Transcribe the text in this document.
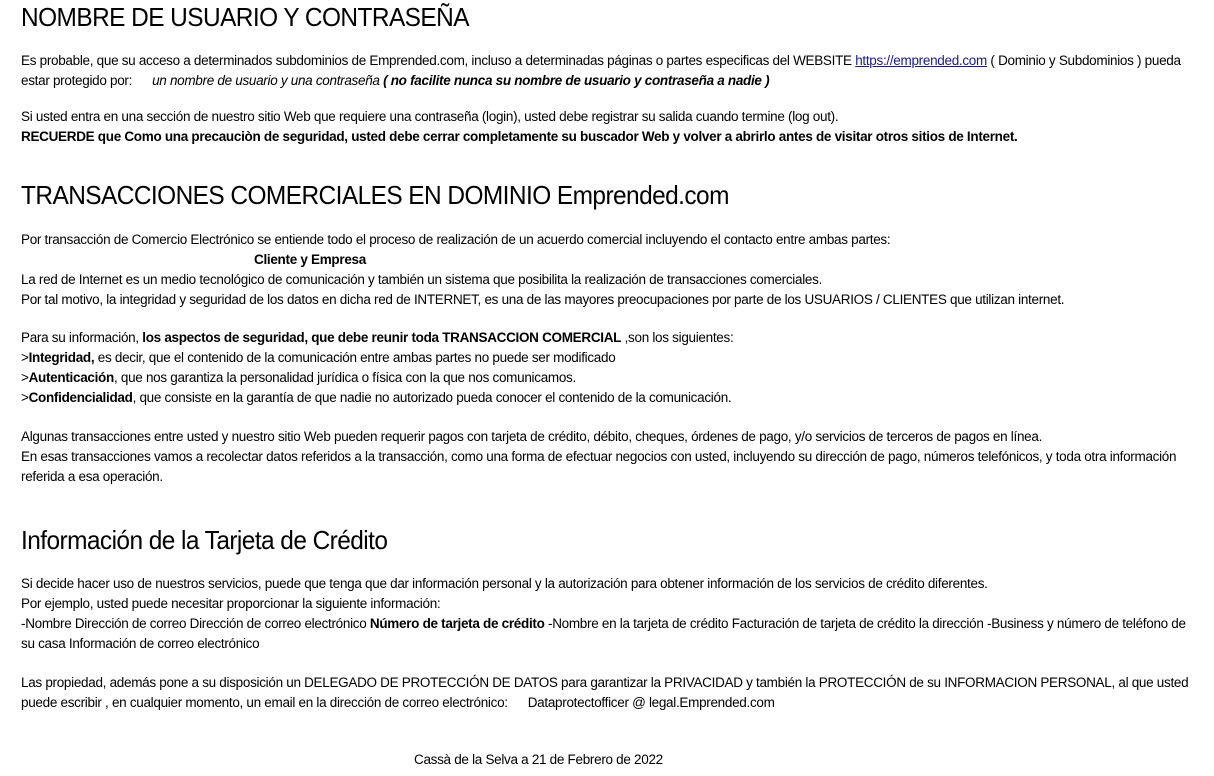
NOMBRE DE USUARIO Y CONTRASEÑA

Es probable, que su acceso a determinados subdominios de Emprended.com, incluso a determinadas páginas o partes especificas del WEBSITE https://emprended.com ( Dominio y Subdominios ) pueda estar protegido por: un nombre de usuario y una contraseña ( no facilite nunca su nombre de usuario y contraseña a nadie )

Si usted entra en una sección de nuestro sitio Web que requiere una contraseña (login), usted debe registrar su salida cuando termine (log out).

RECUERDE que Como una precauciòn de seguridad, usted debe cerrar completamente su buscador Web y volver a abrirlo antes de visitar otros sitios de Internet.

TRANSACCIONES COMERCIALES EN DOMINIO Emprended.com

Por transacción de Comercio Electrónico se entiende todo el proceso de realización de un acuerdo comercial incluyendo el contacto entre ambas partes:

Cliente y Empresa

La red de Internet es un medio tecnológico de comunicación y también un sistema que posibilita la realización de transacciones comerciales.

Por tal motivo, la integridad y seguridad de los datos en dicha red de INTERNET, es una de las mayores preocupaciones por parte de los USUARIOS / CLIENTES que utilizan internet.

Para su información, los aspectos de seguridad, que debe reunir toda TRANSACCION COMERCIAL ,son los siguientes:

>Integridad, es decir, que el contenido de la comunicación entre ambas partes no puede ser modificado

>Autenticación, que nos garantiza la personalidad jurídica o física con la que nos comunicamos.

>Confidencialidad, que consiste en la garantía de que nadie no autorizado pueda conocer el contenido de la comunicación.

Algunas transacciones entre usted y nuestro sitio Web pueden requerir pagos con tarjeta de crédito, débito, cheques, órdenes de pago, y/o servicios de terceros de pagos en línea.

En esas transacciones vamos a recolectar datos referidos a la transacción, como una forma de efectuar negocios con usted, incluyendo su dirección de pago, números telefónicos, y toda otra información referida a esa operación.

Información de la Tarjeta de Crédito

Si decide hacer uso de nuestros servicios, puede que tenga que dar información personal y la autorización para obtener información de los servicios de crédito diferentes.

Por ejemplo, usted puede necesitar proporcionar la siguiente información:

-Nombre Dirección de correo Dirección de correo electrónico Número de tarjeta de crédito -Nombre en la tarjeta de crédito Facturación de tarjeta de crédito la dirección -Business y número de teléfono de su casa Información de correo electrónico

Las propiedad, además pone a su disposición un DELEGADO DE PROTECCIÓN DE DATOS para garantizar la PRIVACIDAD y también la PROTECCIÓN de su INFORMACION PERSONAL, al que usted puede escribir , en cualquier momento, un email en la dirección de correo electrónico: Dataprotectofficer @ legal.Emprended.com

Cassà de la Selva a 21 de Febrero de 2022
